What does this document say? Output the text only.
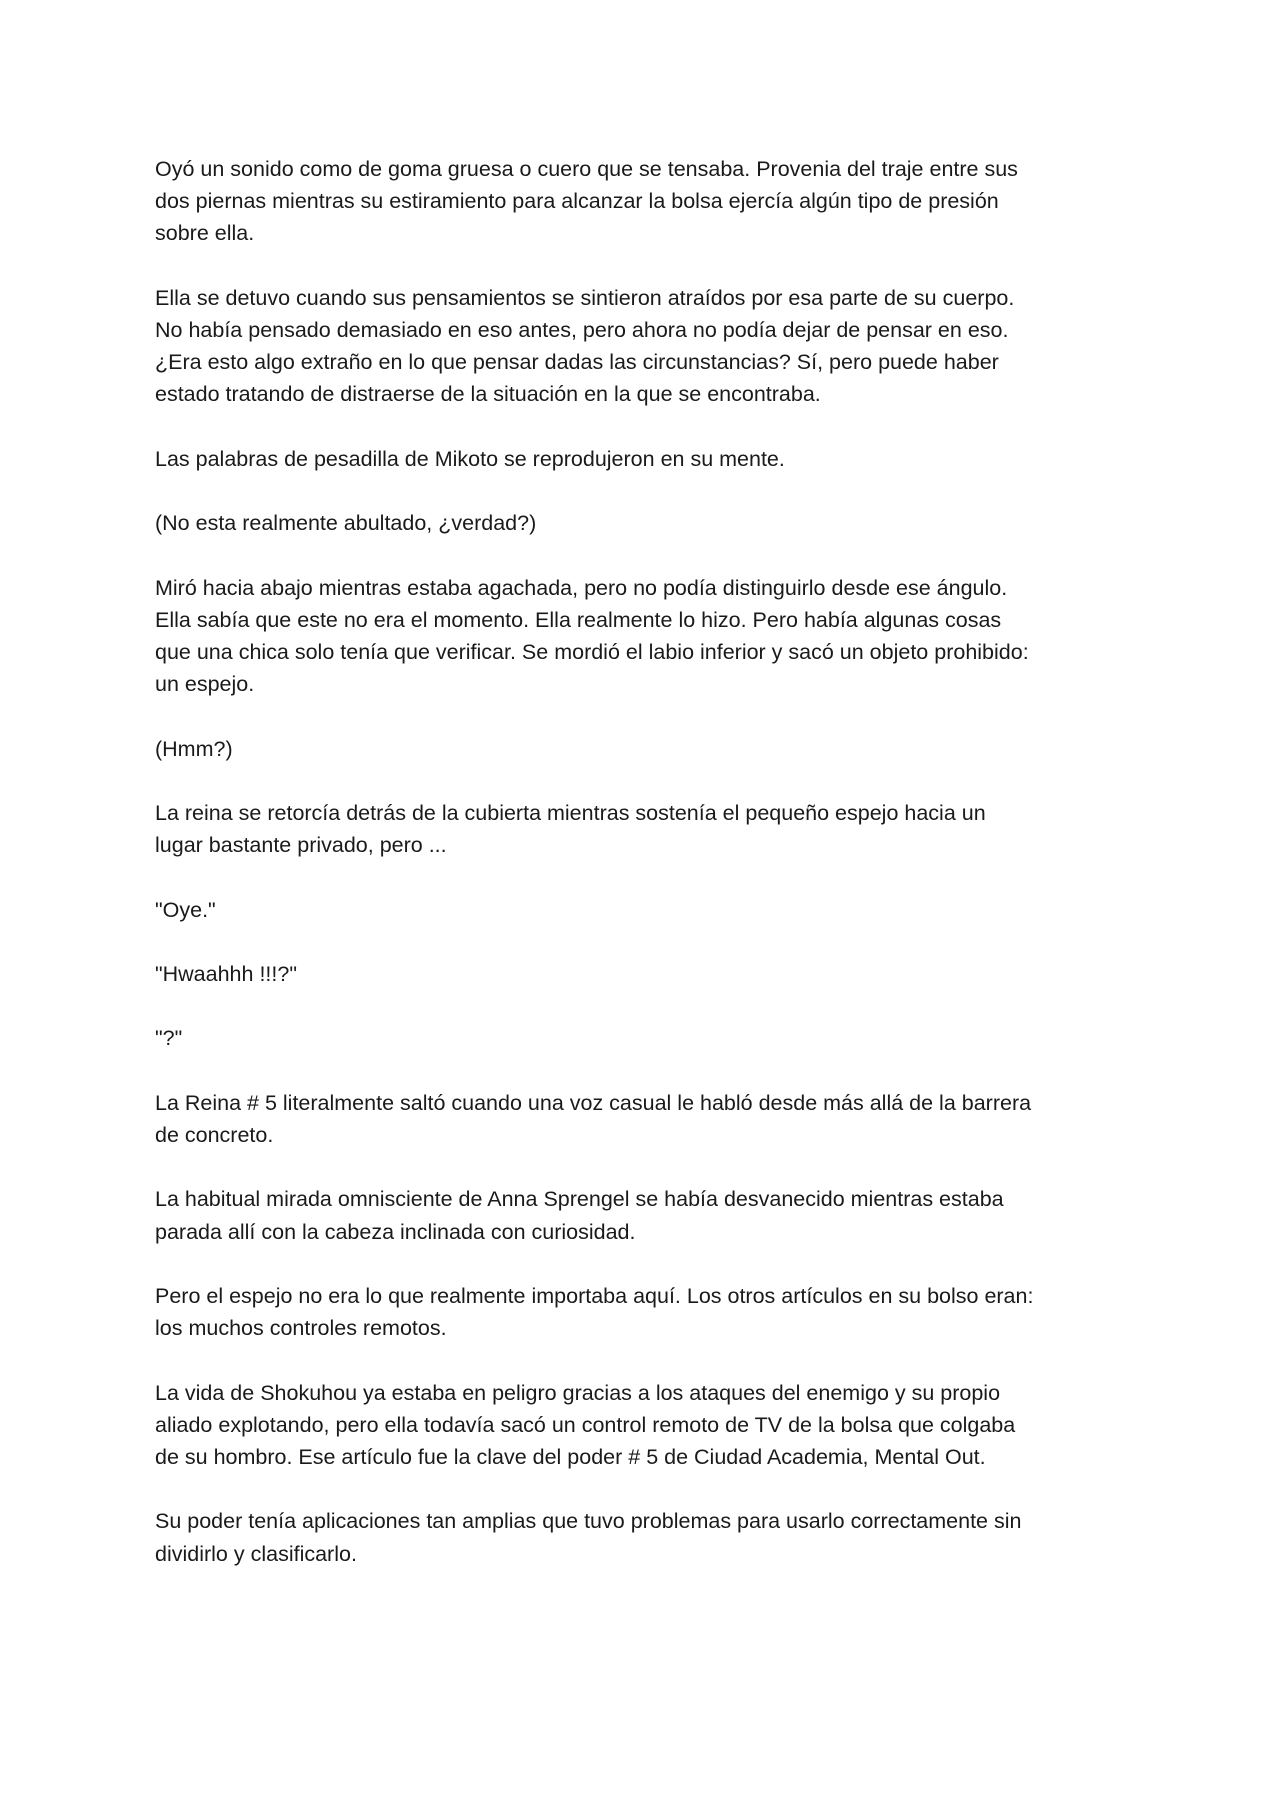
Oyó un sonido como de goma gruesa o cuero que se tensaba. Provenia del traje entre sus
dos piernas mientras su estiramiento para alcanzar la bolsa ejercía algún tipo de presión
sobre ella.

Ella se detuvo cuando sus pensamientos se sintieron atraídos por esa parte de su cuerpo.
No había pensado demasiado en eso antes, pero ahora no podía dejar de pensar en eso.
¿Era esto algo extraño en lo que pensar dadas las circunstancias? Sí, pero puede haber
estado tratando de distraerse de la situación en la que se encontraba.

Las palabras de pesadilla de Mikoto se reprodujeron en su mente.

(No esta realmente abultado, ¿verdad?)

Miró hacia abajo mientras estaba agachada, pero no podía distinguirlo desde ese ángulo.
Ella sabía que este no era el momento. Ella realmente lo hizo. Pero había algunas cosas
que una chica solo tenía que verificar. Se mordió el labio inferior y sacó un objeto prohibido:
un espejo.

(Hmm?)

La reina se retorcía detrás de la cubierta mientras sostenía el pequeño espejo hacia un
lugar bastante privado, pero ...

"Oye."

"Hwaahhh !!!?"

"?"

La Reina # 5 literalmente saltó cuando una voz casual le habló desde más allá de la barrera
de concreto.

La habitual mirada omnisciente de Anna Sprengel se había desvanecido mientras estaba
parada allí con la cabeza inclinada con curiosidad.

Pero el espejo no era lo que realmente importaba aquí. Los otros artículos en su bolso eran:
los muchos controles remotos.

La vida de Shokuhou ya estaba en peligro gracias a los ataques del enemigo y su propio
aliado explotando, pero ella todavía sacó un control remoto de TV de la bolsa que colgaba
de su hombro. Ese artículo fue la clave del poder # 5 de Ciudad Academia, Mental Out.

Su poder tenía aplicaciones tan amplias que tuvo problemas para usarlo correctamente sin
dividirlo y clasificarlo.
